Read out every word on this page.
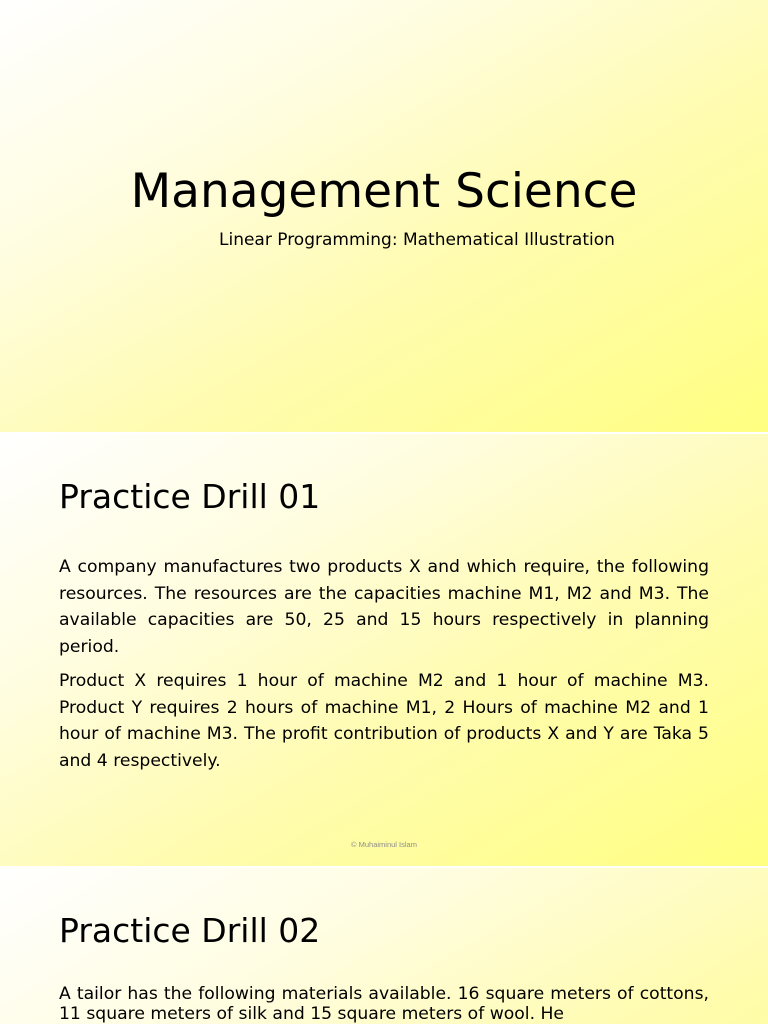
Management Science

Linear Programming: Mathematical Illustration

Practice Drill 01

A company manufactures two products X and which require, the following resources. The resources are the capacities machine M1, M2 and M3. The available capacities are 50, 25 and 15 hours respectively in planning period.

Product X requires 1 hour of machine M2 and 1 hour of machine M3. Product Y requires 2 hours of machine M1, 2 Hours of machine M2 and 1 hour of machine M3. The profit contribution of products X and Y are Taka 5 and 4 respectively.

© Muhaiminul Islam
Practice Drill 02

A tailor has the following materials available. 16 square meters of cottons, 11 square meters of silk and 15 square meters of wool. He
